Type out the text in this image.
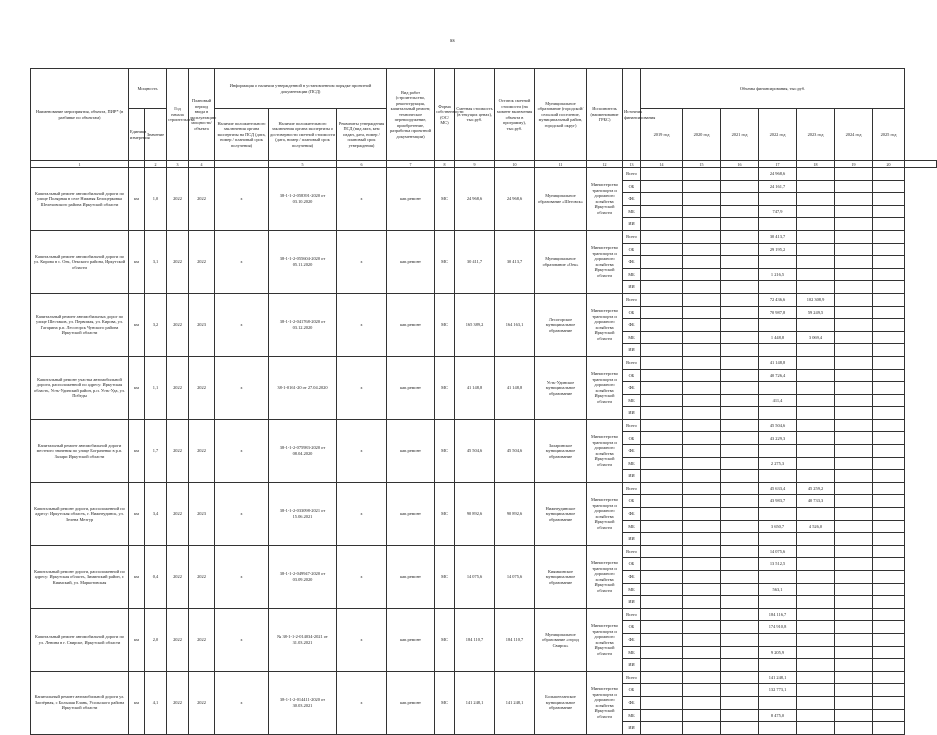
ss
Наименование мероприятия, объекта, ПИР* (в разбивке по объектам)	Мощность		Год начала строительства	Плановый период ввода в эксплуатацию мощности/объекта	Информация о наличии утвержденной в установленном порядке проектной документации (ПСД)			Вид работ (строительство, реконструкция, капитальный ремонт, техническое перевооружение, приобретение, разработка проектной документации)	Форма собственности (ОС/МС)	Сметная стоимость (в текущих ценах), тыс.руб.	Остаток сметной стоимости (на момент включения объекта в программу), тыс.руб.	Муниципальное образование (городской/сельский поселение, муниципальный район, городской округ)	Исполнитель (наименование ГРБС)	Источник финансирования	Объемы финансирования, тыс.руб.							
	Единица измерения	Значение			Наличие положительного заключения органа экспертизы на ПСД (дата, номер / плановый срок получения)	Наличие положительного заключения органа экспертизы о достоверности сметной стоимости (дата, номер / плановый срок получения)	Реквизиты утверждения ПСД (вид акта, кем издан, дата, номер / плановый срок утверждения)								2019 год	2020 год	2021 год	2022 год	2023 год	2024 год	2025 год	
1		2	3	4		5	6	7	8	9	10	11	12	13	14	15	16	17	18	19	20	
Капитальный ремонт автомобильной дороги по улице Полярная в селе Нижняя Белоцерковка Шелеховского района Иркутской области	км	1,0	2022	2022	х	38-1-1-2-058391-2020 от 03.10.2020	х	кап.ремонт	МС	24 968,6	24 968,6	Муниципальное образование «Шеговск»	Министерство транспорта и дорожного хозяйства Иркутской области	Всего				24 968,6				
														ОБ				24 161,7				
														ФБ								
														МБ				747,9				
														ИИ								
Капитальный ремонт автомобильной дороги по ул. Кирова в с. Оек, Оекского района, Иркутской области	км	3,1	2022	2022	х	38-1-1-2-055604-2020 от 05.11.2020	х	кап.ремонт	МС	30 411,7	30 413,7	Муниципальное образование «Оек»	Министерство транспорта и дорожного хозяйства Иркутской области	Всего				30 413,7				
														ОБ				29 195,2				
														ФБ								
														МБ				1 216,5				
														ИИ								
Капитальный ремонт автомобильных дорог по улице Шестаков, ул. Первомая, ул. Кирова, ул. Гагарина р.п. Лесогорск Чунского района Иркутской области	км	3,2	2022	2023	х	38-1-1-2-041768-2020 от 03.12.2020	х	кап.ремонт	МС	165 389,2	164 163,1	Лесогорское муниципальное образование	Министерство транспорта и дорожного хозяйства Иркутской области	Всего				72 436,6	102 308,9			
														ОБ				70 987,8	59 249,5			
														ФБ								
														МБ				1 448,8	3 069,4			
														ИИ								
Капитальный ремонт участка автомобильной дороги, расположенной по адресу: Иркутская область, Усть-Удинский район, р.п. Усть-Уда, ул. Победы	км	1,1	2022	2022	х	38-1-0161-20 от 27.04.2020	х	кап.ремонт	МС	41 148,8	41 148,8	Усть-Удинское муниципальное образование	Министерство транспорта и дорожного хозяйства Иркутской области	Всего				41 148,8				
														ОБ				40 726,4				
														ФБ								
														МБ				411,4				
														ИИ								
Капитальный ремонт автомобильной дороги местного значения по улице Бограченко в р.п. Залари Иркутской области	км	1,7	2022	2022	х	38-1-1-2-075983-2020 от 08.04.2020	х	кап.ремонт	МС	45 504,6	45 504,6	Заларинское муниципальное образование	Министерство транспорта и дорожного хозяйства Иркутской области	Всего				45 504,6				
														ОБ				43 229,3				
														ФБ								
														МБ				2 275,3				
														ИИ								
Капитальный ремонт дороги, расположенной по адресу: Иркутская область, г. Нижнеудинск, ул. Зелена Мезгур	км	3,4	2022	2023	х	38-1-1-2-033098-2021 от 15.06.2021	х	кап.ремонт	МС	90 892,6	90 892,6	Нижнеудинское муниципальное образование	Министерство транспорта и дорожного хозяйства Иркутской области	Всего				45 633,4	45 259,2			
														ОБ				43 983,7	40 733,3			
														ФБ								
														МБ				3 650,7	4 526,0			
														ИИ								
Капитальный ремонт дороги, расположенной по адресу: Иркутская область, Зиминский район, г. Киямский, ул. Маркотовская	км	0,4	2022	2022	х	38-1-1-2-049947-2020 от 03.09.2020	х	кап.ремонт	МС	14 075,6	14 075,6	Киямкинское муниципальное образование	Министерство транспорта и дорожного хозяйства Иркутской области	Всего				14 075,6				
														ОБ				13 512,5				
														ФБ								
														МБ				563,1				
														ИИ								
Капитальный ремонт автомобильной дороги по ул. Ленина в г. Свирске, Иркутской области	км	2,0	2022	2022	х	№ 38-1-1-2-014034-2021 от 31.03.2021	х	кап.ремонт	МС	184 110,7	184 110,7	Муниципальное образование «город Свирск»	Министерство транспорта и дорожного хозяйства Иркутской области	Всего				184 116,7				
														ОБ				174 910,8				
														ФБ								
														МБ				9 205,9				
														ИИ								
Капитальный ремонт автомобильной дороги ул. Заозёрная, с Большая Елань, Усольского района Иркутской области	км	4,1	2022	2022	х	38-1-1-2-014411-2020 от 30.03.2021	х	кап.ремонт	МС	141 248,1	141 248,1	Большееланское муниципальное образование	Министерство транспорта и дорожного хозяйства Иркутской области	Всего				141 248,1				
														ОБ				132 773,1				
														ФБ								
														МБ				8 475,0				
														ИИ								
